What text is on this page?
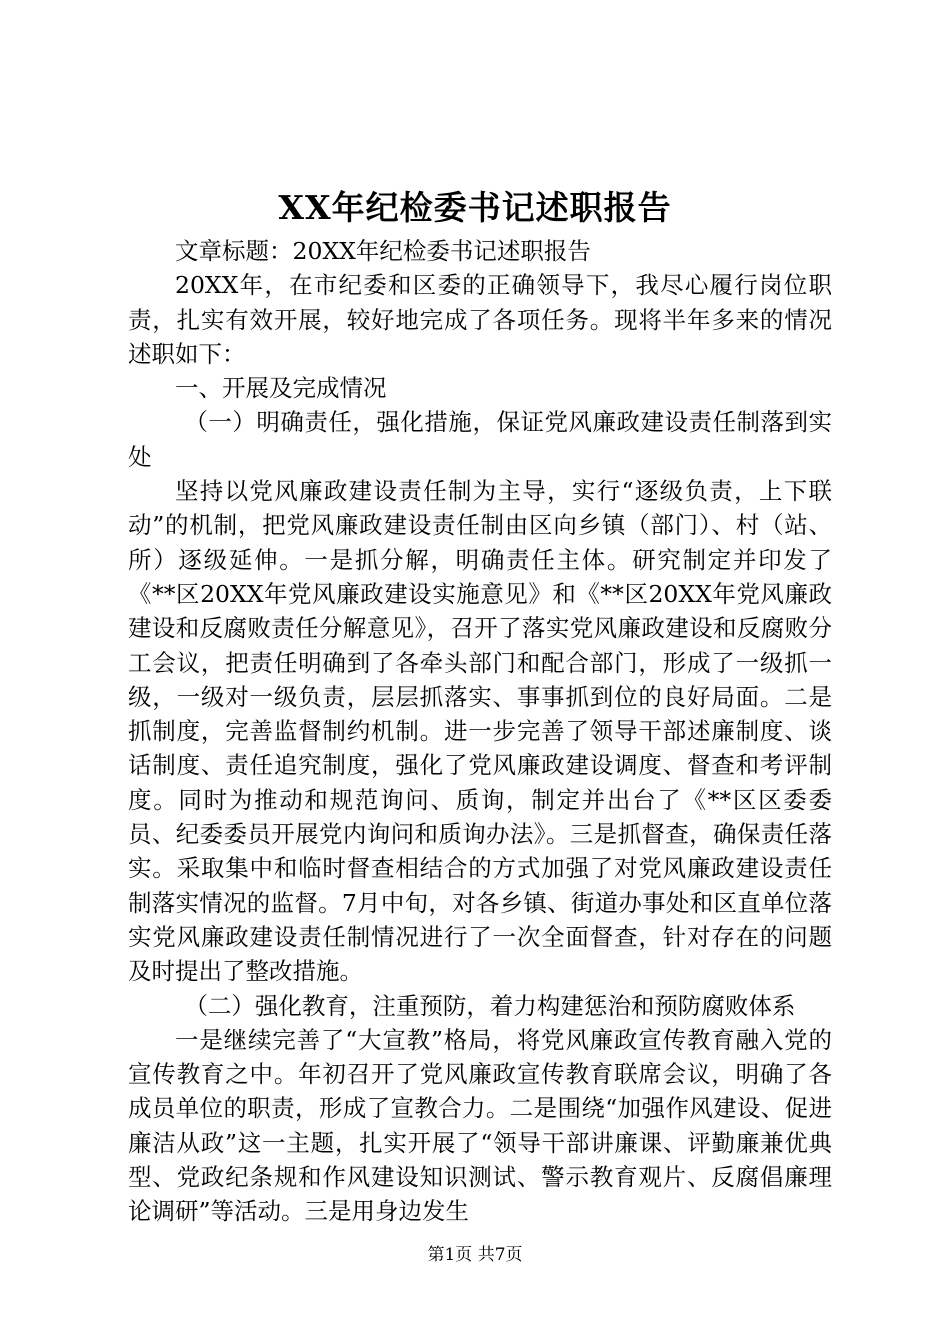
XX年纪检委书记述职报告

文章标题：20XX年纪检委书记述职报告

20XX年，在市纪委和区委的正确领导下，我尽心履行岗位职责，扎实有效开展，较好地完成了各项任务。现将半年多来的情况述职如下：

一、开展及完成情况

（一）明确责任，强化措施，保证党风廉政建设责任制落到实处

坚持以党风廉政建设责任制为主导，实行“逐级负责，上下联动”的机制，把党风廉政建设责任制由区向乡镇（部门）、村（站、所）逐级延伸。一是抓分解，明确责任主体。研究制定并印发了《**区20XX年党风廉政建设实施意见》和《**区20XX年党风廉政建设和反腐败责任分解意见》，召开了落实党风廉政建设和反腐败分工会议，把责任明确到了各牵头部门和配合部门，形成了一级抓一级，一级对一级负责，层层抓落实、事事抓到位的良好局面。二是抓制度，完善监督制约机制。进一步完善了领导干部述廉制度、谈话制度、责任追究制度，强化了党风廉政建设调度、督查和考评制度。同时为推动和规范询问、质询，制定并出台了《**区区委委员、纪委委员开展党内询问和质询办法》。三是抓督查，确保责任落实。采取集中和临时督查相结合的方式加强了对党风廉政建设责任制落实情况的监督。7月中旬，对各乡镇、街道办事处和区直单位落实党风廉政建设责任制情况进行了一次全面督查，针对存在的问题及时提出了整改措施。

（二）强化教育，注重预防，着力构建惩治和预防腐败体系

一是继续完善了“大宣教”格局，将党风廉政宣传教育融入党的宣传教育之中。年初召开了党风廉政宣传教育联席会议，明确了各成员单位的职责，形成了宣教合力。二是围绕“加强作风建设、促进廉洁从政”这一主题，扎实开展了“领导干部讲廉课、评勤廉兼优典型、党政纪条规和作风建设知识测试、警示教育观片、反腐倡廉理论调研”等活动。三是用身边发生

第1页 共7页
